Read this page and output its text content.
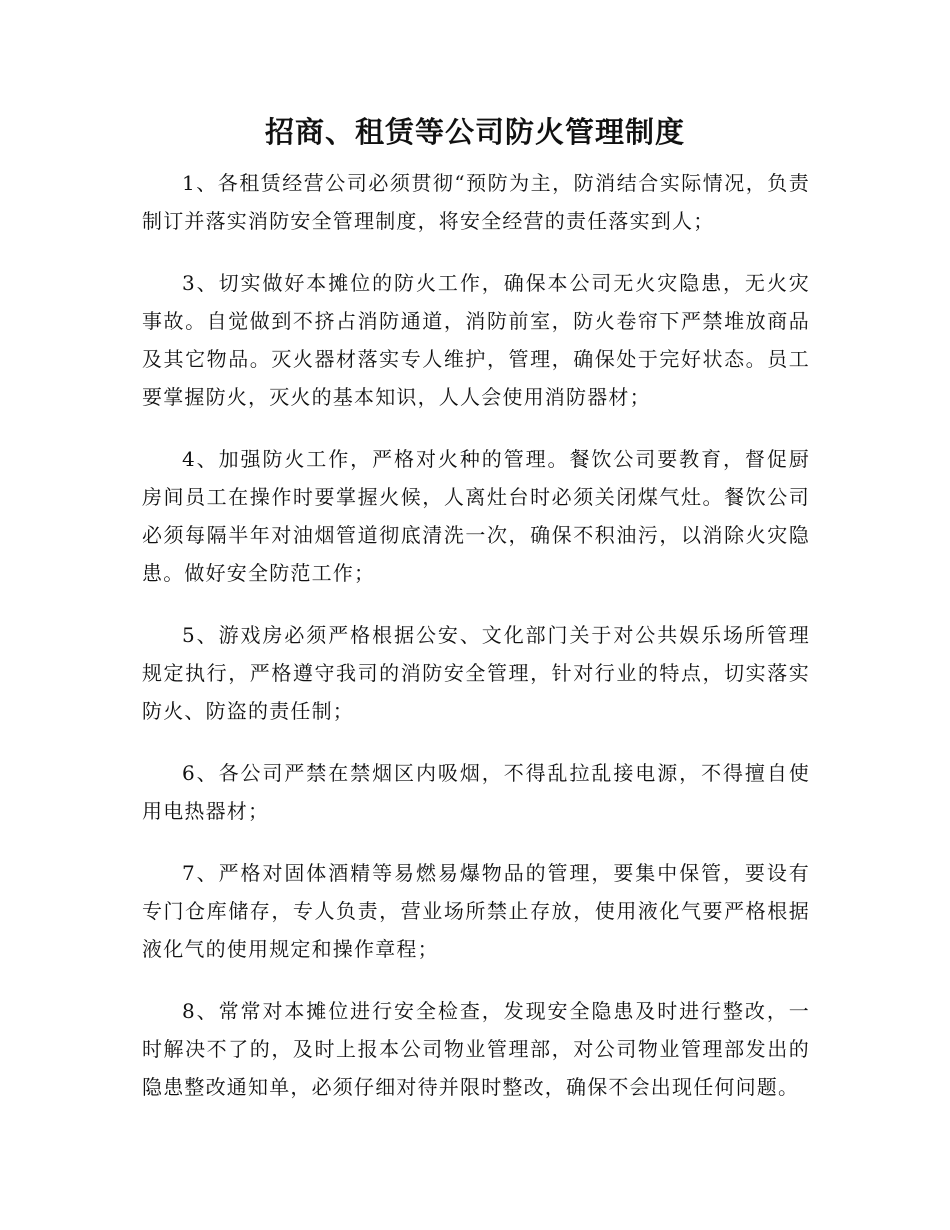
招商、租赁等公司防火管理制度

1、各租赁经营公司必须贯彻“预防为主，防消结合实际情况，负责制订并落实消防安全管理制度，将安全经营的责任落实到人；

3、切实做好本摊位的防火工作，确保本公司无火灾隐患，无火灾事故。自觉做到不挤占消防通道，消防前室，防火卷帘下严禁堆放商品及其它物品。灭火器材落实专人维护，管理，确保处于完好状态。员工要掌握防火，灭火的基本知识，人人会使用消防器材；

4、加强防火工作，严格对火种的管理。餐饮公司要教育，督促厨房间员工在操作时要掌握火候，人离灶台时必须关闭煤气灶。餐饮公司必须每隔半年对油烟管道彻底清洗一次，确保不积油污，以消除火灾隐患。做好安全防范工作；

5、游戏房必须严格根据公安、文化部门关于对公共娱乐场所管理规定执行，严格遵守我司的消防安全管理，针对行业的特点，切实落实防火、防盗的责任制；

6、各公司严禁在禁烟区内吸烟，不得乱拉乱接电源，不得擅自使用电热器材；

7、严格对固体酒精等易燃易爆物品的管理，要集中保管，要设有专门仓库储存，专人负责，营业场所禁止存放，使用液化气要严格根据液化气的使用规定和操作章程；

8、常常对本摊位进行安全检查，发现安全隐患及时进行整改，一时解决不了的，及时上报本公司物业管理部，对公司物业管理部发出的隐患整改通知单，必须仔细对待并限时整改，确保不会出现任何问题。
